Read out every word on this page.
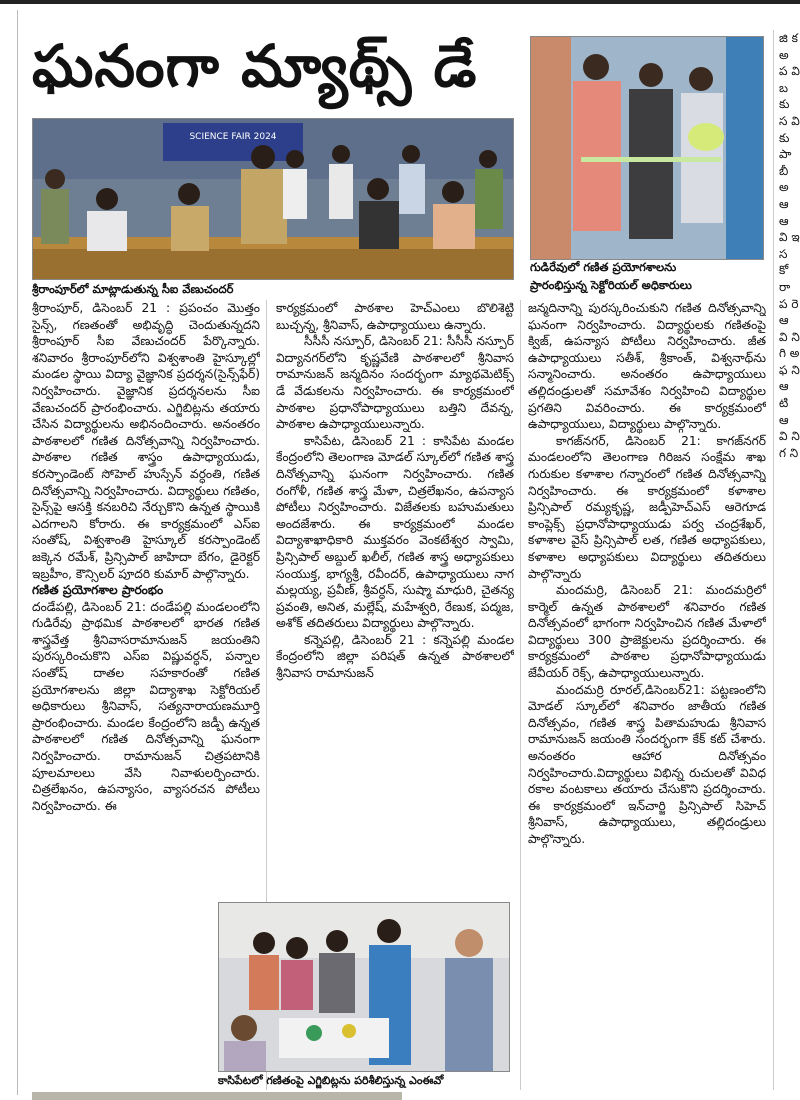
ఘనంగా మ్యాథ్స్ డే
SCIENCE FAIR 2024
శ్రీరాంపూర్‌లో మాట్లాడుతున్న సీఐ వేణుచందర్
గుడిరేవులో గణిత ప్రయోగశాలను
ప్రారంభిస్తున్న సెక్టోరియల్ అధికారులు

శ్రీరాంపూర్, డిసెంబర్ 21 : ప్రపంచం మొత్తం సైన్స్, గణతంతో అభివృద్ధి చెందుతున్నదని శ్రీరాంపూర్ సీఐ వేణుచందర్ పేర్కొన్నారు. శనివారం శ్రీరాంపూర్‌లోని విశ్వశాంతి హైస్కూల్లో మండల స్థాయి విద్యా వైజ్ఞానిక ప్రదర్శన(సైన్స్‌ఫేర్) నిర్వహించారు. వైజ్ఞానిక ప్రదర్శనలను సీఐ వేణుచందర్ ప్రారంభించారు. ఎగ్జిబిట్లను తయారు చేసిన విద్యార్థులను అభినందించారు. అనంతరం పాఠశాలలో గణిత దినోత్సవాన్ని నిర్వహించారు. పాఠశాల గణిత శాస్త్రం ఉపాధ్యాయుడు, కరస్పాండెంట్ సోహెల్ హుస్సేన్ వర్ధంతి, గణిత దినోత్సవాన్ని నిర్వహించారు. విద్యార్థులు గణితం, సైన్స్‌పై ఆసక్తి కనబరిచి నేర్చుకొని ఉన్నత స్థాయికి ఎదగాలని కోరారు. ఈ కార్యక్రమంలో ఎస్ఐ సంతోష్, విశ్వశాంతి హైస్కూల్ కరస్పాండెంట్ జక్కెన రమేశ్, ప్రిన్సిపాల్ జాహిదా బేగం, డైరెక్టర్ ఇబ్రహీం, కౌన్సిలర్ పూదరి కుమార్ పాల్గొన్నారు.

గణిత ప్రయోగశాల ప్రారంభం

దండేపల్లి, డిసెంబర్ 21: దండేపల్లి మండలంలోని గుడిరేవు ప్రాథమిక పాఠశాలలో భారత గణిత శాస్త్రవేత్త శ్రీనివాసరామానుజన్ జయంతిని పురస్కరించుకొని ఎస్ఐ విష్ణువర్ధన్, పన్నాల సంతోష్ దాతల సహకారంతో గణిత ప్రయోగశాలను జిల్లా విద్యాశాఖ సెక్టోరియల్ అధికారులు శ్రీనివాస్, సత్యనారాయణమూర్తి ప్రారంభించారు. మండల కేంద్రంలోని జడ్పీ ఉన్నత పాఠశాలలో గణిత దినోత్సవాన్ని ఘనంగా నిర్వహించారు. రామానుజన్ చిత్రపటానికి పూలమాలలు వేసి నివాళులర్పించారు. చిత్రలేఖనం, ఉపన్యాసం, వ్యాసరచన పోటీలు నిర్వహించారు. ఈ

కార్యక్రమంలో పాఠశాల హెచ్ఎంలు బొలిశెట్టి బుచ్చన్న, శ్రీనివాస్, ఉపాధ్యాయులు ఉన్నారు.

సీసీసీ నస్పూర్, డిసెంబర్ 21: సీసీసీ నస్పూర్ విద్యానగర్‌లోని కృష్ణవేణి పాఠశాలలో శ్రీనివాస రామానుజన్ జన్మదినం సందర్భంగా మ్యాథమెటిక్స్ డే వేడుకలను నిర్వహించారు. ఈ కార్యక్రమంలో పాఠశాల ప్రధానోపాధ్యాయులు బత్తిని దేవన్న, పాఠశాల ఉపాధ్యాయులున్నారు.

కాసిపేట, డిసెంబర్ 21 : కాసిపేట మండల కేంద్రంలోని తెలంగాణ మోడల్ స్కూల్‌లో గణిత శాస్త్ర దినోత్సవాన్ని ఘనంగా నిర్వహించారు. గణిత రంగోళీ, గణిత శాస్త్ర మేళా, చిత్రలేఖనం, ఉపన్యాస పోటీలు నిర్వహించారు. విజేతలకు బహుమతులు అందజేశారు. ఈ కార్యక్రమంలో మండల విద్యాశాఖాధికారి ముక్తవరం వెంకటేశ్వర స్వామి, ప్రిన్సిపాల్ అబ్దుల్ ఖలీల్, గణిత శాస్త్ర అధ్యాపకులు సంయుక్త, భాగ్యశ్రీ, రవీందర్, ఉపాధ్యాయులు నాగ మల్లయ్య, ప్రవీణ్, శ్రీవర్ధన్, సుష్మా మాధురి, చైతన్య ప్రవంతి, అనిత, మల్లేష్, మహేశ్వరి, రేణుక, పద్మజ, అశోక్ తదితరులు విద్యార్థులు పాల్గొన్నారు.

కన్నెపల్లి, డిసెంబర్ 21 : కన్నెపల్లి మండల కేంద్రంలోని జిల్లా పరిషత్ ఉన్నత పాఠశాలలో శ్రీనివాస రామానుజన్

కాసిపేటలో గణితంపై ఎగ్జిబిట్లను పరిశీలిస్తున్న ఎంఈవో

జన్మదినాన్ని పురస్కరించుకుని గణిత దినోత్సవాన్ని ఘనంగా నిర్వహించారు. విద్యార్థులకు గణితంపై క్విజ్, ఉపన్యాస పోటీలు నిర్వహించారు. జీత ఉపాధ్యాయులు సతీశ్, శ్రీకాంత్, విశ్వనాథ్‌ను సన్మానించారు. అనంతరం ఉపాధ్యాయులు తల్లిదండ్రులతో సమావేశం నిర్వహించి విద్యార్థుల ప్రగతిని వివరించారు. ఈ కార్యక్రమంలో ఉపాధ్యాయులు, విద్యార్థులు పాల్గొన్నారు.

కాగజ్‌నగర్, డిసెంబర్ 21: కాగజ్‌నగర్ మండలంలోని తెలంగాణ గిరిజన సంక్షేమ శాఖ గురుకుల కళాశాల గన్నారంలో గణిత దినోత్సవాన్ని నిర్వహించారు. ఈ కార్యక్రమంలో కళాశాల ప్రిన్సిపాల్ రమ్యకృష్ణ, జడ్పీహెచ్ఎస్ ఆరెగూడ కాంప్లెక్స్ ప్రధానోపాధ్యాయుడు పర్వ చంద్రశేఖర్, కళాశాల వైస్ ప్రిన్సిపాల్ లత, గణిత అధ్యాపకులు, కళాశాల అధ్యాపకులు విద్యార్థులు తదితరులు పాల్గొన్నారు

మందమర్రి, డిసెంబర్ 21: మందమర్రిలో కార్మెల్ ఉన్నత పాఠశాలలో శనివారం గణిత దినోత్సవంలో భాగంగా నిర్వహించిన గణిత మేళాలో విద్యార్థులు 300 ప్రాజెక్టులను ప్రదర్శించారు. ఈ కార్యక్రమంలో పాఠశాల ప్రధానోపాధ్యాయుడు జేవీయర్ రెక్స్, ఉపాధ్యాయులున్నారు.

మందమర్రి రూరల్,డిసెంబర్21: పట్టణంలోని మోడల్ స్కూల్‌లో శనివారం జాతీయ గణిత దినోత్సవం, గణిత శాస్త్ర పితామహుడు శ్రీనివాస రామానుజన్ జయంతి సందర్భంగా కేక్ కట్ చేశారు. అనంతరం ఆహార దినోత్సవం నిర్వహించారు.విద్యార్థులు విభిన్న రుచులతో వివిధ రకాల వంటకాలు తయారు చేసుకొని ప్రదర్శించారు. ఈ కార్యక్రమంలో ఇన్‌చార్జి ప్రిన్సిపాల్ సిహెచ్ శ్రీనివాస్, ఉపాధ్యాయులు, తల్లిదండ్రులు పాల్గొన్నారు.

జి క అ ప వి బ కు స వి కు పా బీ అ ఆ ఆ వి ఇ స కో రా ప రె ఆ వి ని గి అ ఫ ని ఆ టి ఆ వి ని గ ని
